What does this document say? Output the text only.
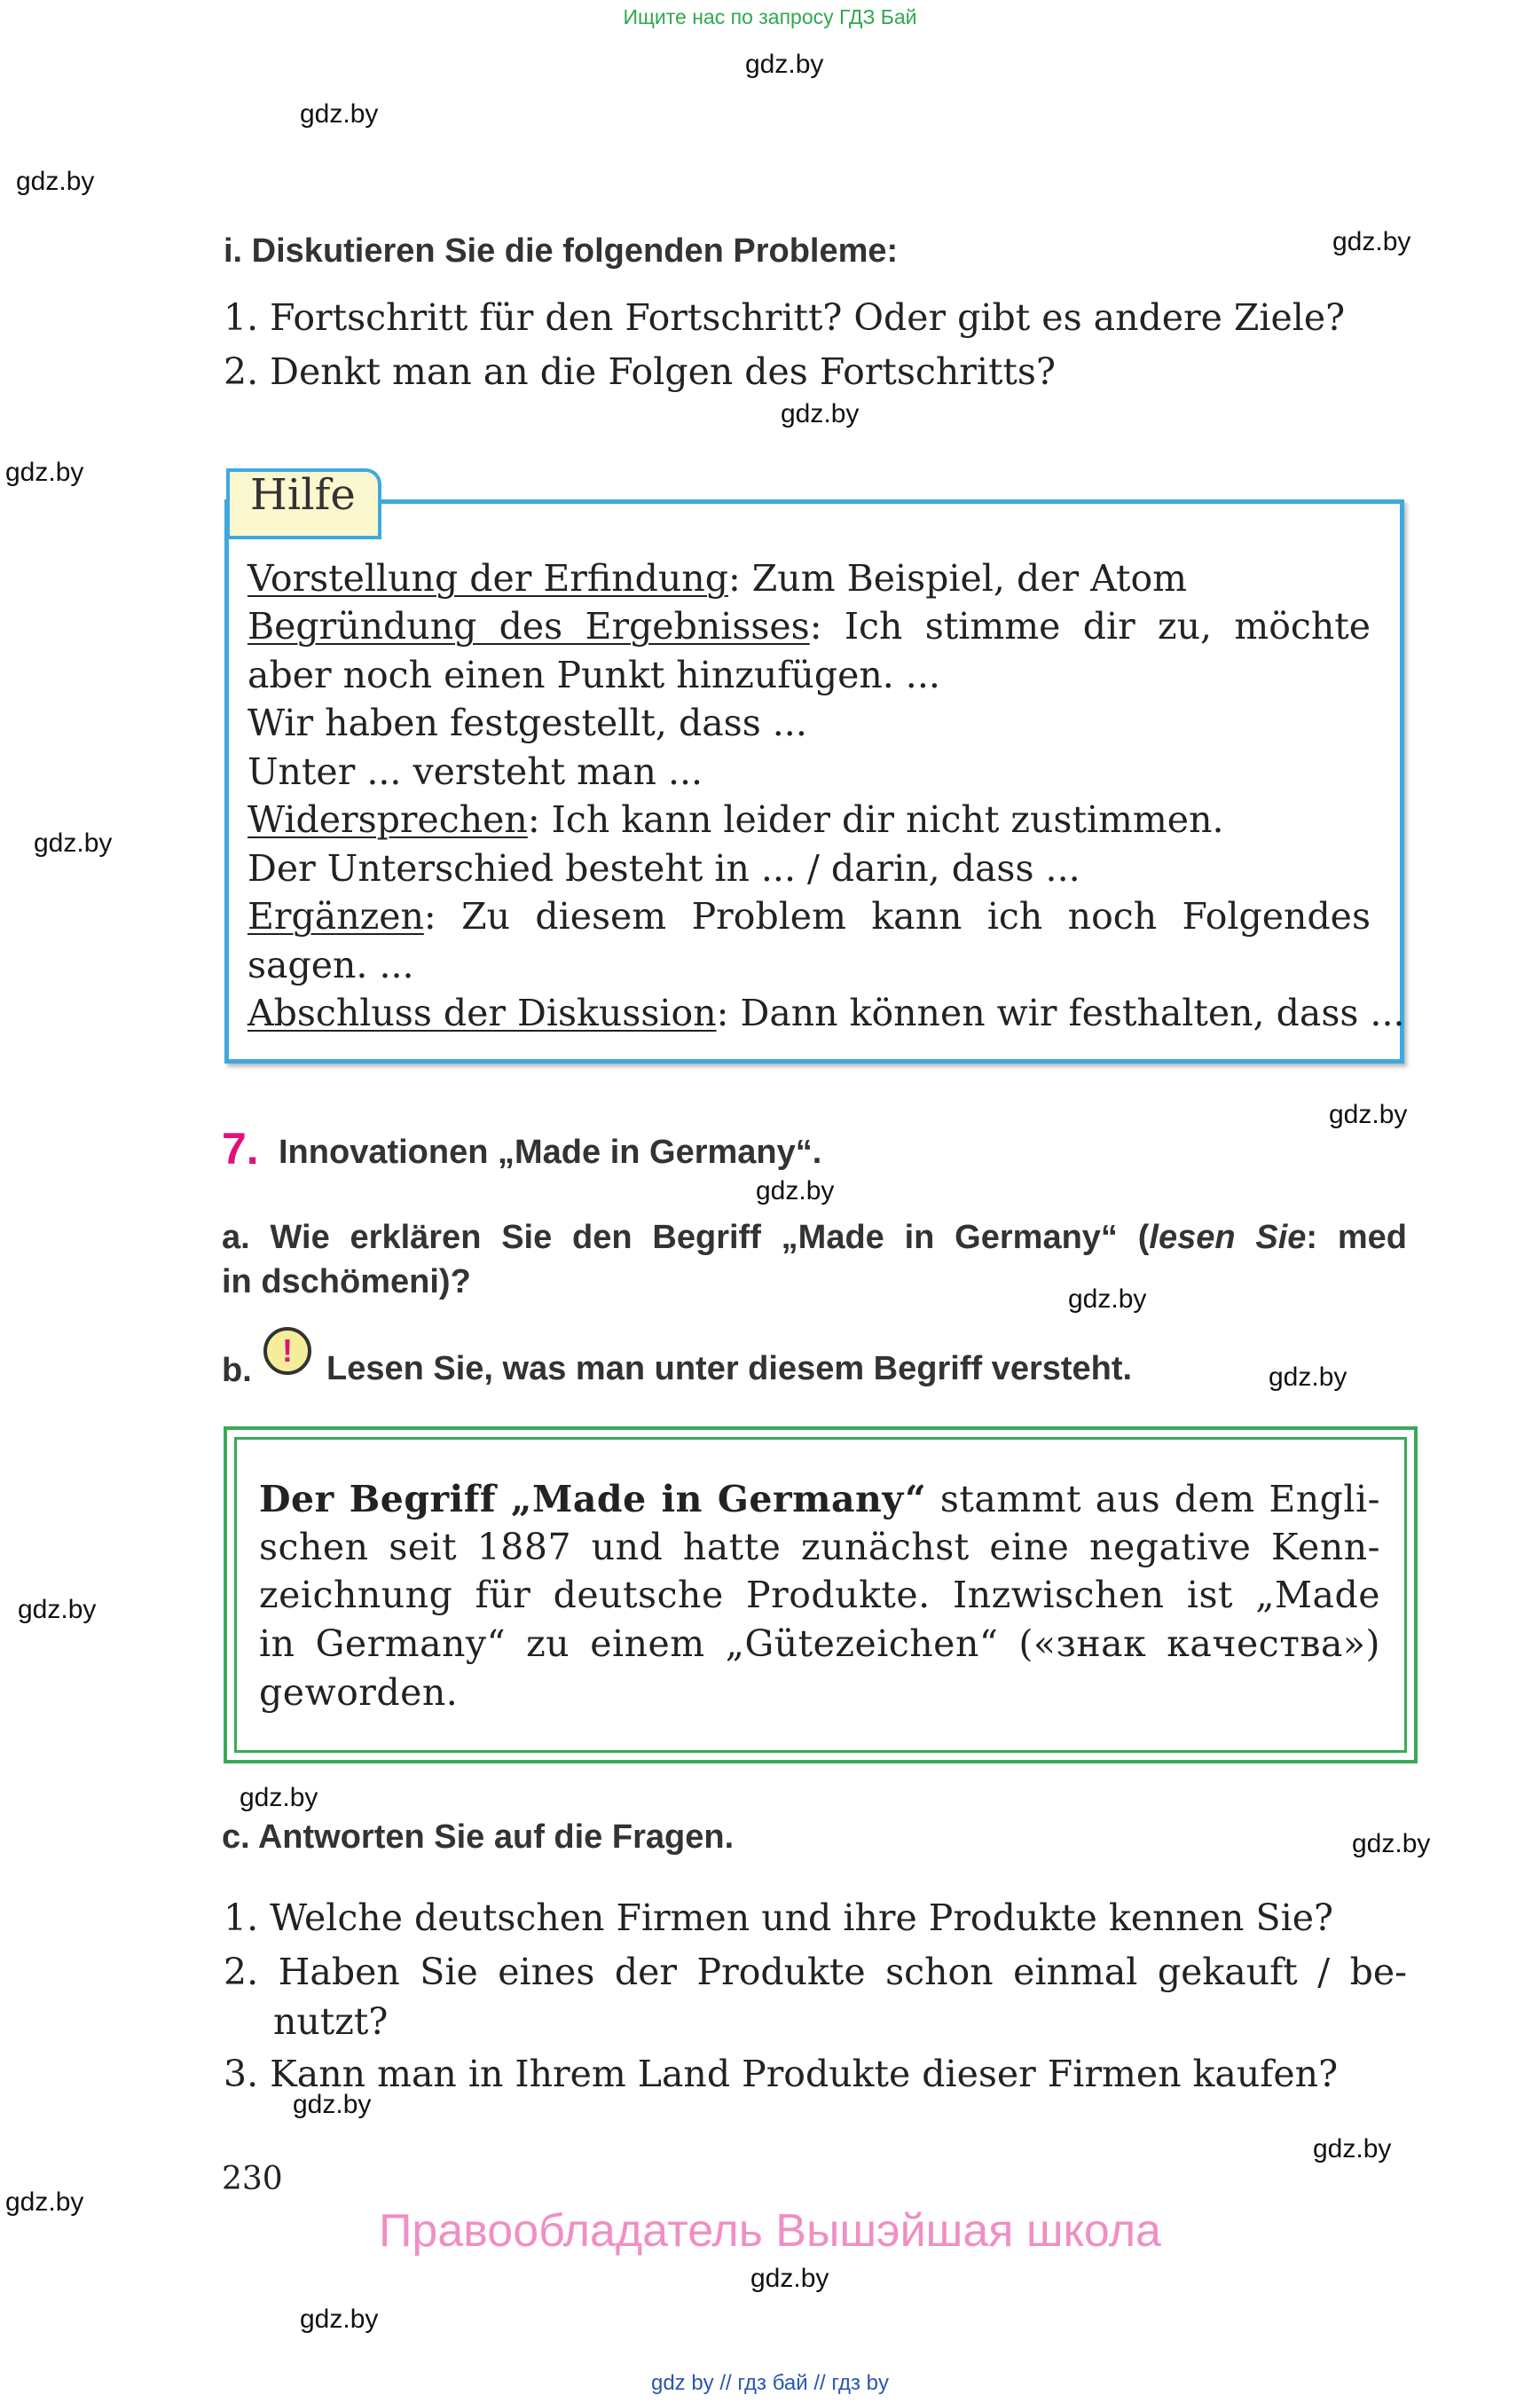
Ищите нас по запросу ГДЗ Бай
gdz.by
gdz.by
gdz.by
gdz.by
gdz.by
gdz.by
gdz.by
gdz.by
gdz.by
gdz.by
gdz.by
gdz.by
gdz.by
gdz.by
gdz.by
gdz.by
gdz.by
gdz.by
gdz.by
i. Diskutieren Sie die folgenden Probleme:
1. Fortschritt für den Fortschritt? Oder gibt es andere Ziele?
2. Denkt man an die Folgen des Fortschritts?
Hilfe
Vorstellung der Erfindung: Zum Beispiel, der Atom
Begründung des Ergebnisses: Ich stimme dir zu, möchte
aber noch einen Punkt hinzufügen. ...
Wir haben festgestellt, dass ...
Unter ... versteht man ...
Widersprechen: Ich kann leider dir nicht zustimmen.
Der Unterschied besteht in ... / darin, dass ...
Ergänzen: Zu diesem Problem kann ich noch Folgendes
sagen. ...
Abschluss der Diskussion: Dann können wir festhalten, dass ...
7. Innovationen „Made in Germany“.
a. Wie erklären Sie den Begriff „Made in Germany“ (lesen Sie: med
in dschömeni)?
b.
!	Lesen Sie, was man unter diesem Begriff versteht.
Der Begriff „Made in Germany“ stammt aus dem Engli-
schen seit 1887 und hatte zunächst eine negative Kenn-
zeichnung für deutsche Produkte. Inzwischen ist „Made
in Germany“ zu einem „Gütezeichen“ («знак качества»)
geworden.
c. Antworten Sie auf die Fragen.
1. Welche deutschen Firmen und ihre Produkte kennen Sie?
2. Haben Sie eines der Produkte schon einmal gekauft / be-
nutzt?
3. Kann man in Ihrem Land Produkte dieser Firmen kaufen?
230
Правообладатель Вышэйшая школа
gdz by // гдз бай // гдз by
